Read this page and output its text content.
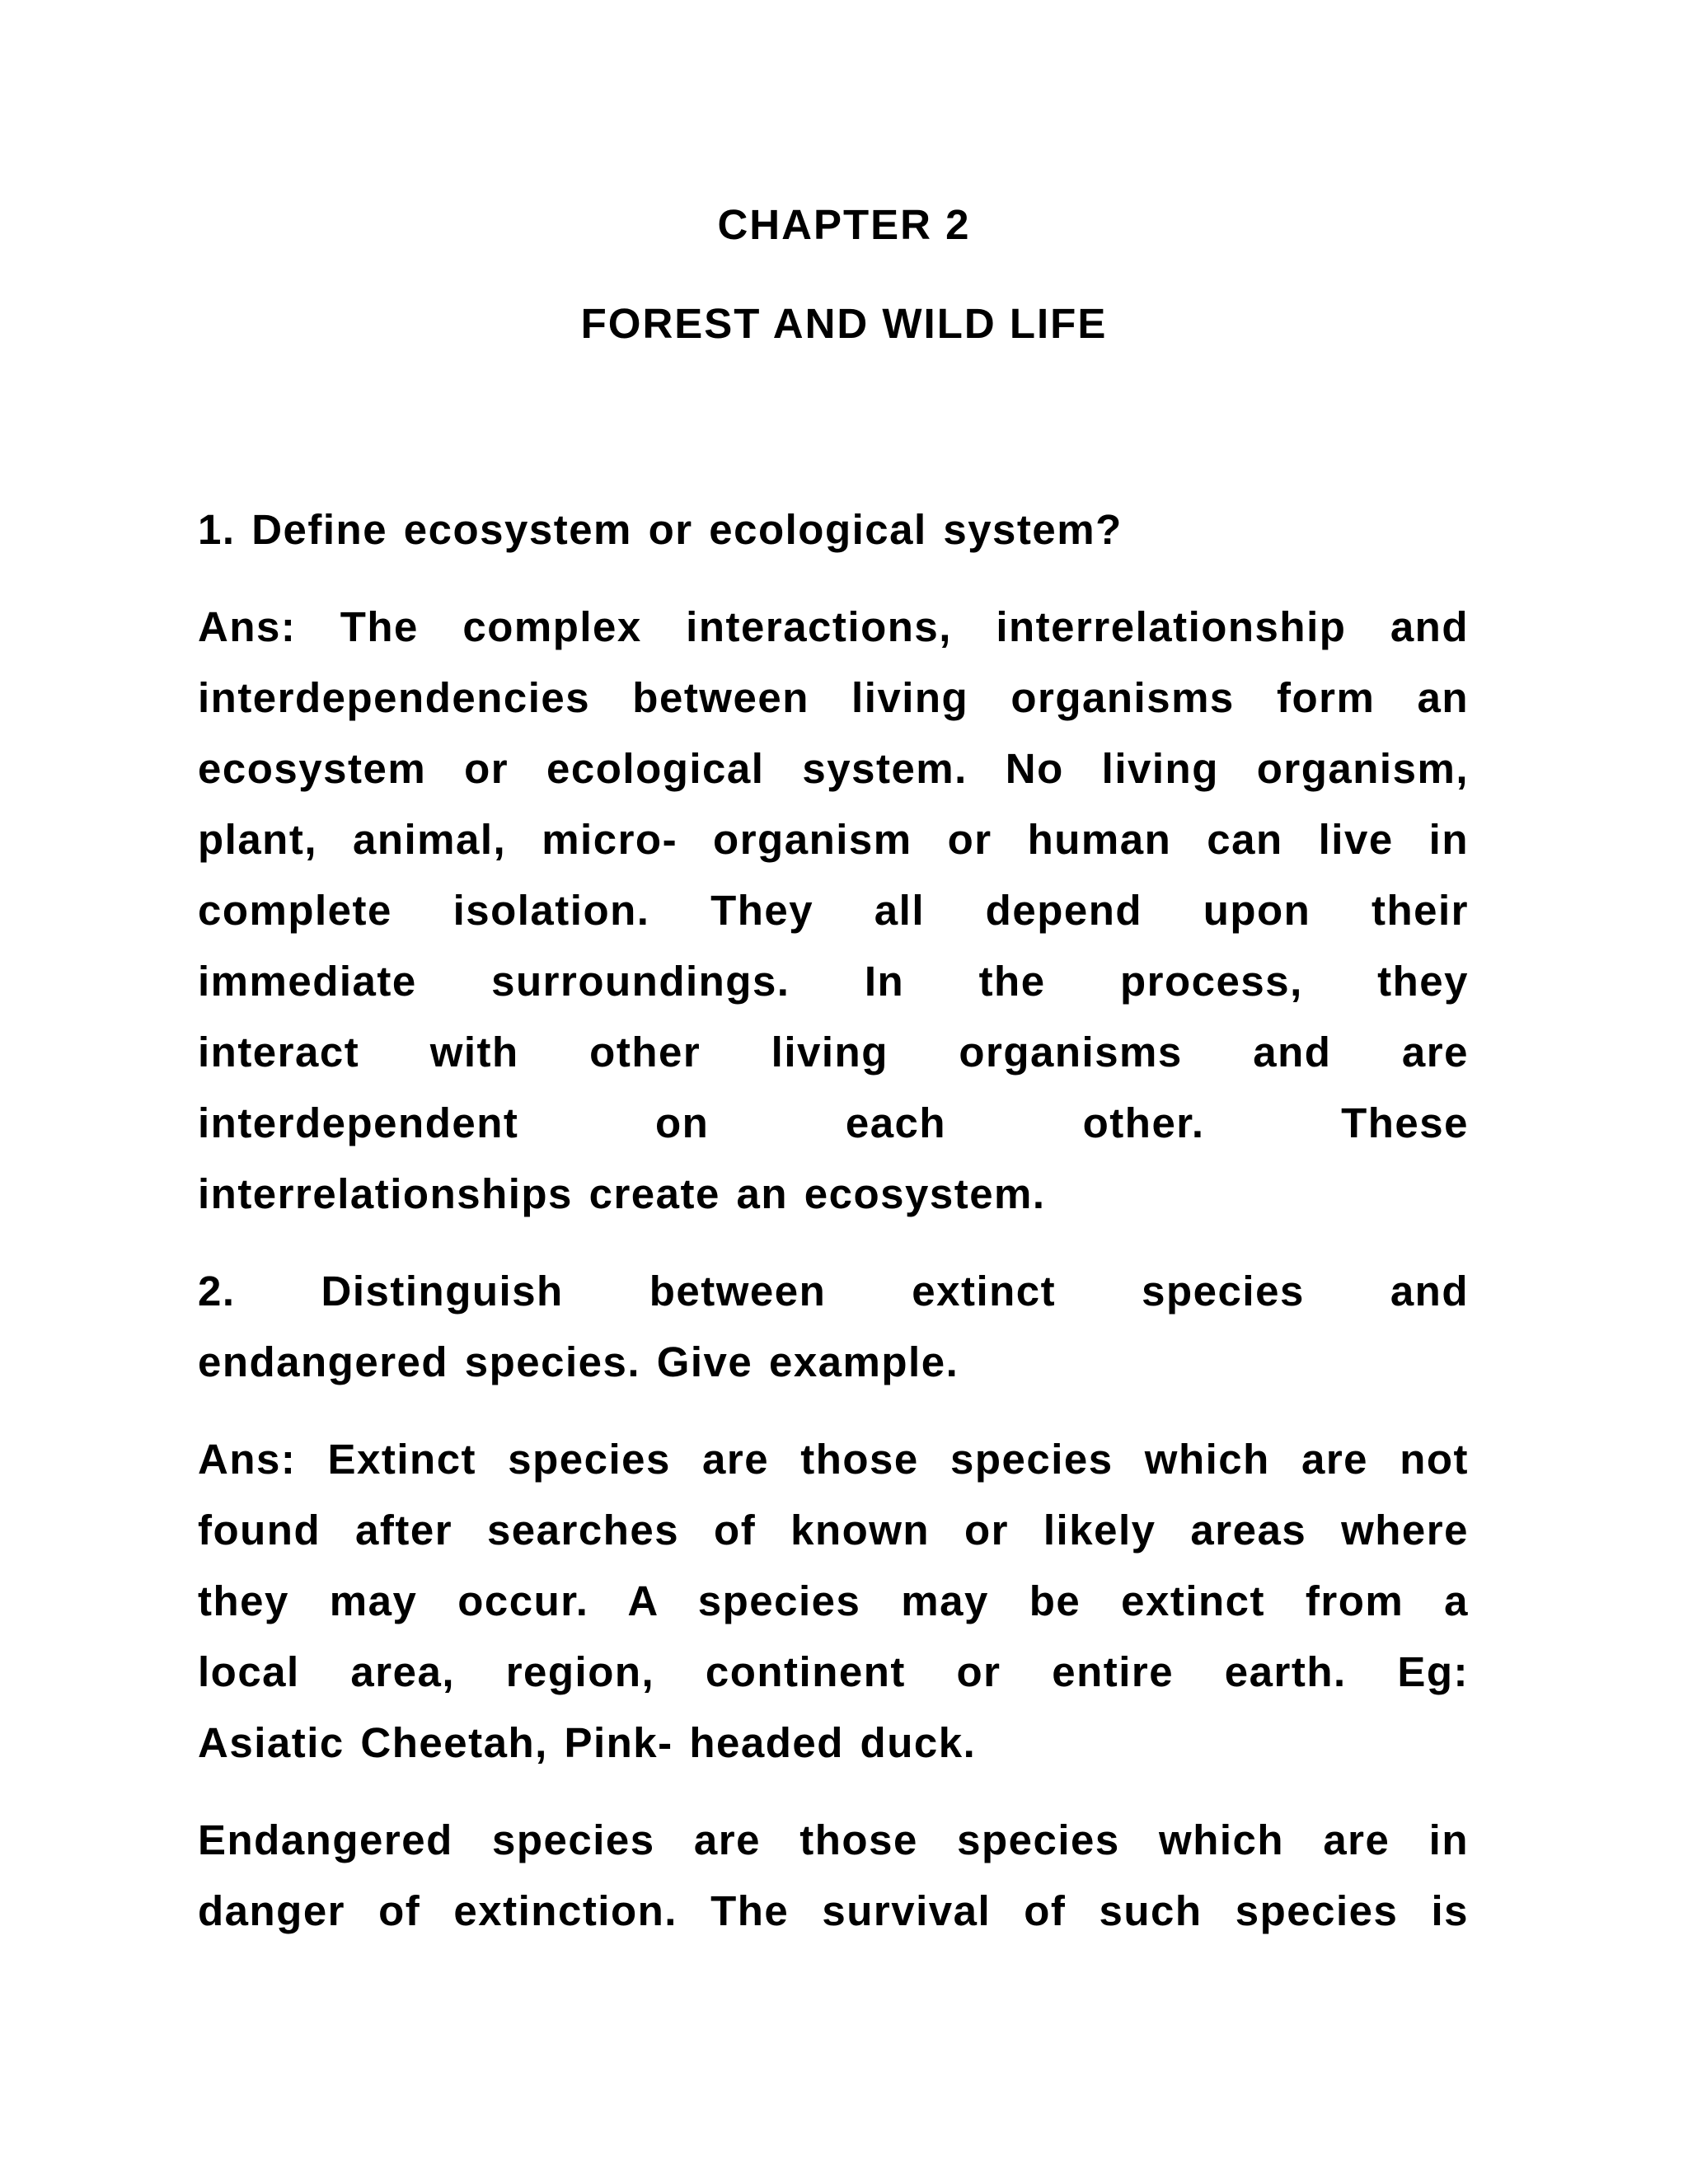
CHAPTER 2
FOREST AND WILD LIFE

1. Define ecosystem or ecological system?

Ans: The complex interactions, interrelationship and
interdependencies between living organisms form an
ecosystem or ecological system. No living organism,
plant, animal, micro- organism or human can live in
complete isolation. They all depend upon their
immediate surroundings. In the process, they
interact with other living organisms and are
interdependent on each other. These
interrelationships create an ecosystem.

2. Distinguish between extinct species and
endangered species. Give example.

Ans: Extinct species are those species which are not
found after searches of known or likely areas where
they may occur. A species may be extinct from a
local area, region, continent or entire earth. Eg:
Asiatic Cheetah, Pink- headed duck.

Endangered species are those species which are in
danger of extinction. The survival of such species is
